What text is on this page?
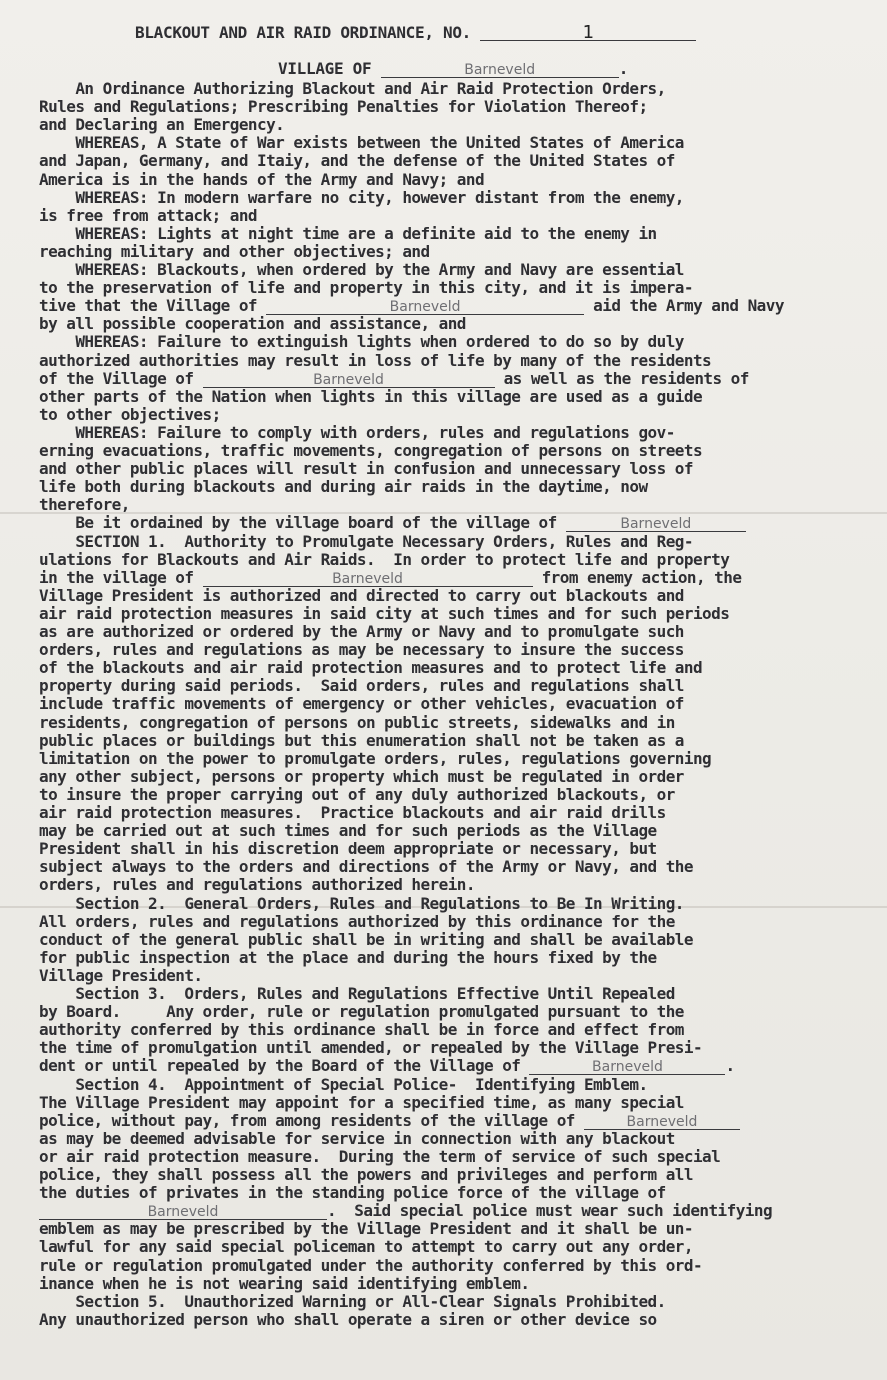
BLACKOUT AND AIR RAID ORDINANCE, NO.	1
VILLAGE OF	Barneveld	.
An Ordinance Authorizing Blackout and Air Raid Protection Orders,
Rules and Regulations; Prescribing Penalties for Violation Thereof;
and Declaring an Emergency.
WHEREAS, A State of War exists between the United States of America
and Japan, Germany, and Itaiy, and the defense of the United States of
America is in the hands of the Army and Navy; and
WHEREAS: In modern warfare no city, however distant from the enemy,
is free from attack; and
WHEREAS: Lights at night time are a definite aid to the enemy in
reaching military and other objectives; and
WHEREAS: Blackouts, when ordered by the Army and Navy are essential
to the preservation of life and property in this city, and it is impera-
tive that the Village of	Barneveld	aid the Army and Navy
by all possible cooperation and assistance, and
WHEREAS: Failure to extinguish lights when ordered to do so by duly
authorized authorities may result in loss of life by many of the residents
of the Village of	Barneveld	as well as the residents of
other parts of the Nation when lights in this village are used as a guide
to other objectives;
WHEREAS: Failure to comply with orders, rules and regulations gov-
erning evacuations, traffic movements, congregation of persons on streets
and other public places will result in confusion and unnecessary loss of
life both during blackouts and during air raids in the daytime, now
therefore,
Be it ordained by the village board of the village of	Barneveld
SECTION 1.  Authority to Promulgate Necessary Orders, Rules and Reg-
ulations for Blackouts and Air Raids.  In order to protect life and property
in the village of	Barneveld	from enemy action, the
Village President is authorized and directed to carry out blackouts and
air raid protection measures in said city at such times and for such periods
as are authorized or ordered by the Army or Navy and to promulgate such
orders, rules and regulations as may be necessary to insure the success
of the blackouts and air raid protection measures and to protect life and
property during said periods.  Said orders, rules and regulations shall
include traffic movements of emergency or other vehicles, evacuation of
residents, congregation of persons on public streets, sidewalks and in
public places or buildings but this enumeration shall not be taken as a
limitation on the power to promulgate orders, rules, regulations governing
any other subject, persons or property which must be regulated in order
to insure the proper carrying out of any duly authorized blackouts, or
air raid protection measures.  Practice blackouts and air raid drills
may be carried out at such times and for such periods as the Village
President shall in his discretion deem appropriate or necessary, but
subject always to the orders and directions of the Army or Navy, and the
orders, rules and regulations authorized herein.
Section 2.  General Orders, Rules and Regulations to Be In Writing.
All orders, rules and regulations authorized by this ordinance for the
conduct of the general public shall be in writing and shall be available
for public inspection at the place and during the hours fixed by the
Village President.
Section 3.  Orders, Rules and Regulations Effective Until Repealed
by Board.     Any order, rule or regulation promulgated pursuant to the
authority conferred by this ordinance shall be in force and effect from
the time of promulgation until amended, or repealed by the Village Presi-
dent or until repealed by the Board of the Village of	Barneveld	.
Section 4.  Appointment of Special Police-  Identifying Emblem.
The Village President may appoint for a specified time, as many special
police, without pay, from among residents of the village of	Barneveld
as may be deemed advisable for service in connection with any blackout
or air raid protection measure.  During the term of service of such special
police, they shall possess all the powers and privileges and perform all
the duties of privates in the standing police force of the village of
Barneveld	.  Said special police must wear such identifying
emblem as may be prescribed by the Village President and it shall be un-
lawful for any said special policeman to attempt to carry out any order,
rule or regulation promulgated under the authority conferred by this ord-
inance when he is not wearing said identifying emblem.
Section 5.  Unauthorized Warning or All-Clear Signals Prohibited.
Any unauthorized person who shall operate a siren or other device so
